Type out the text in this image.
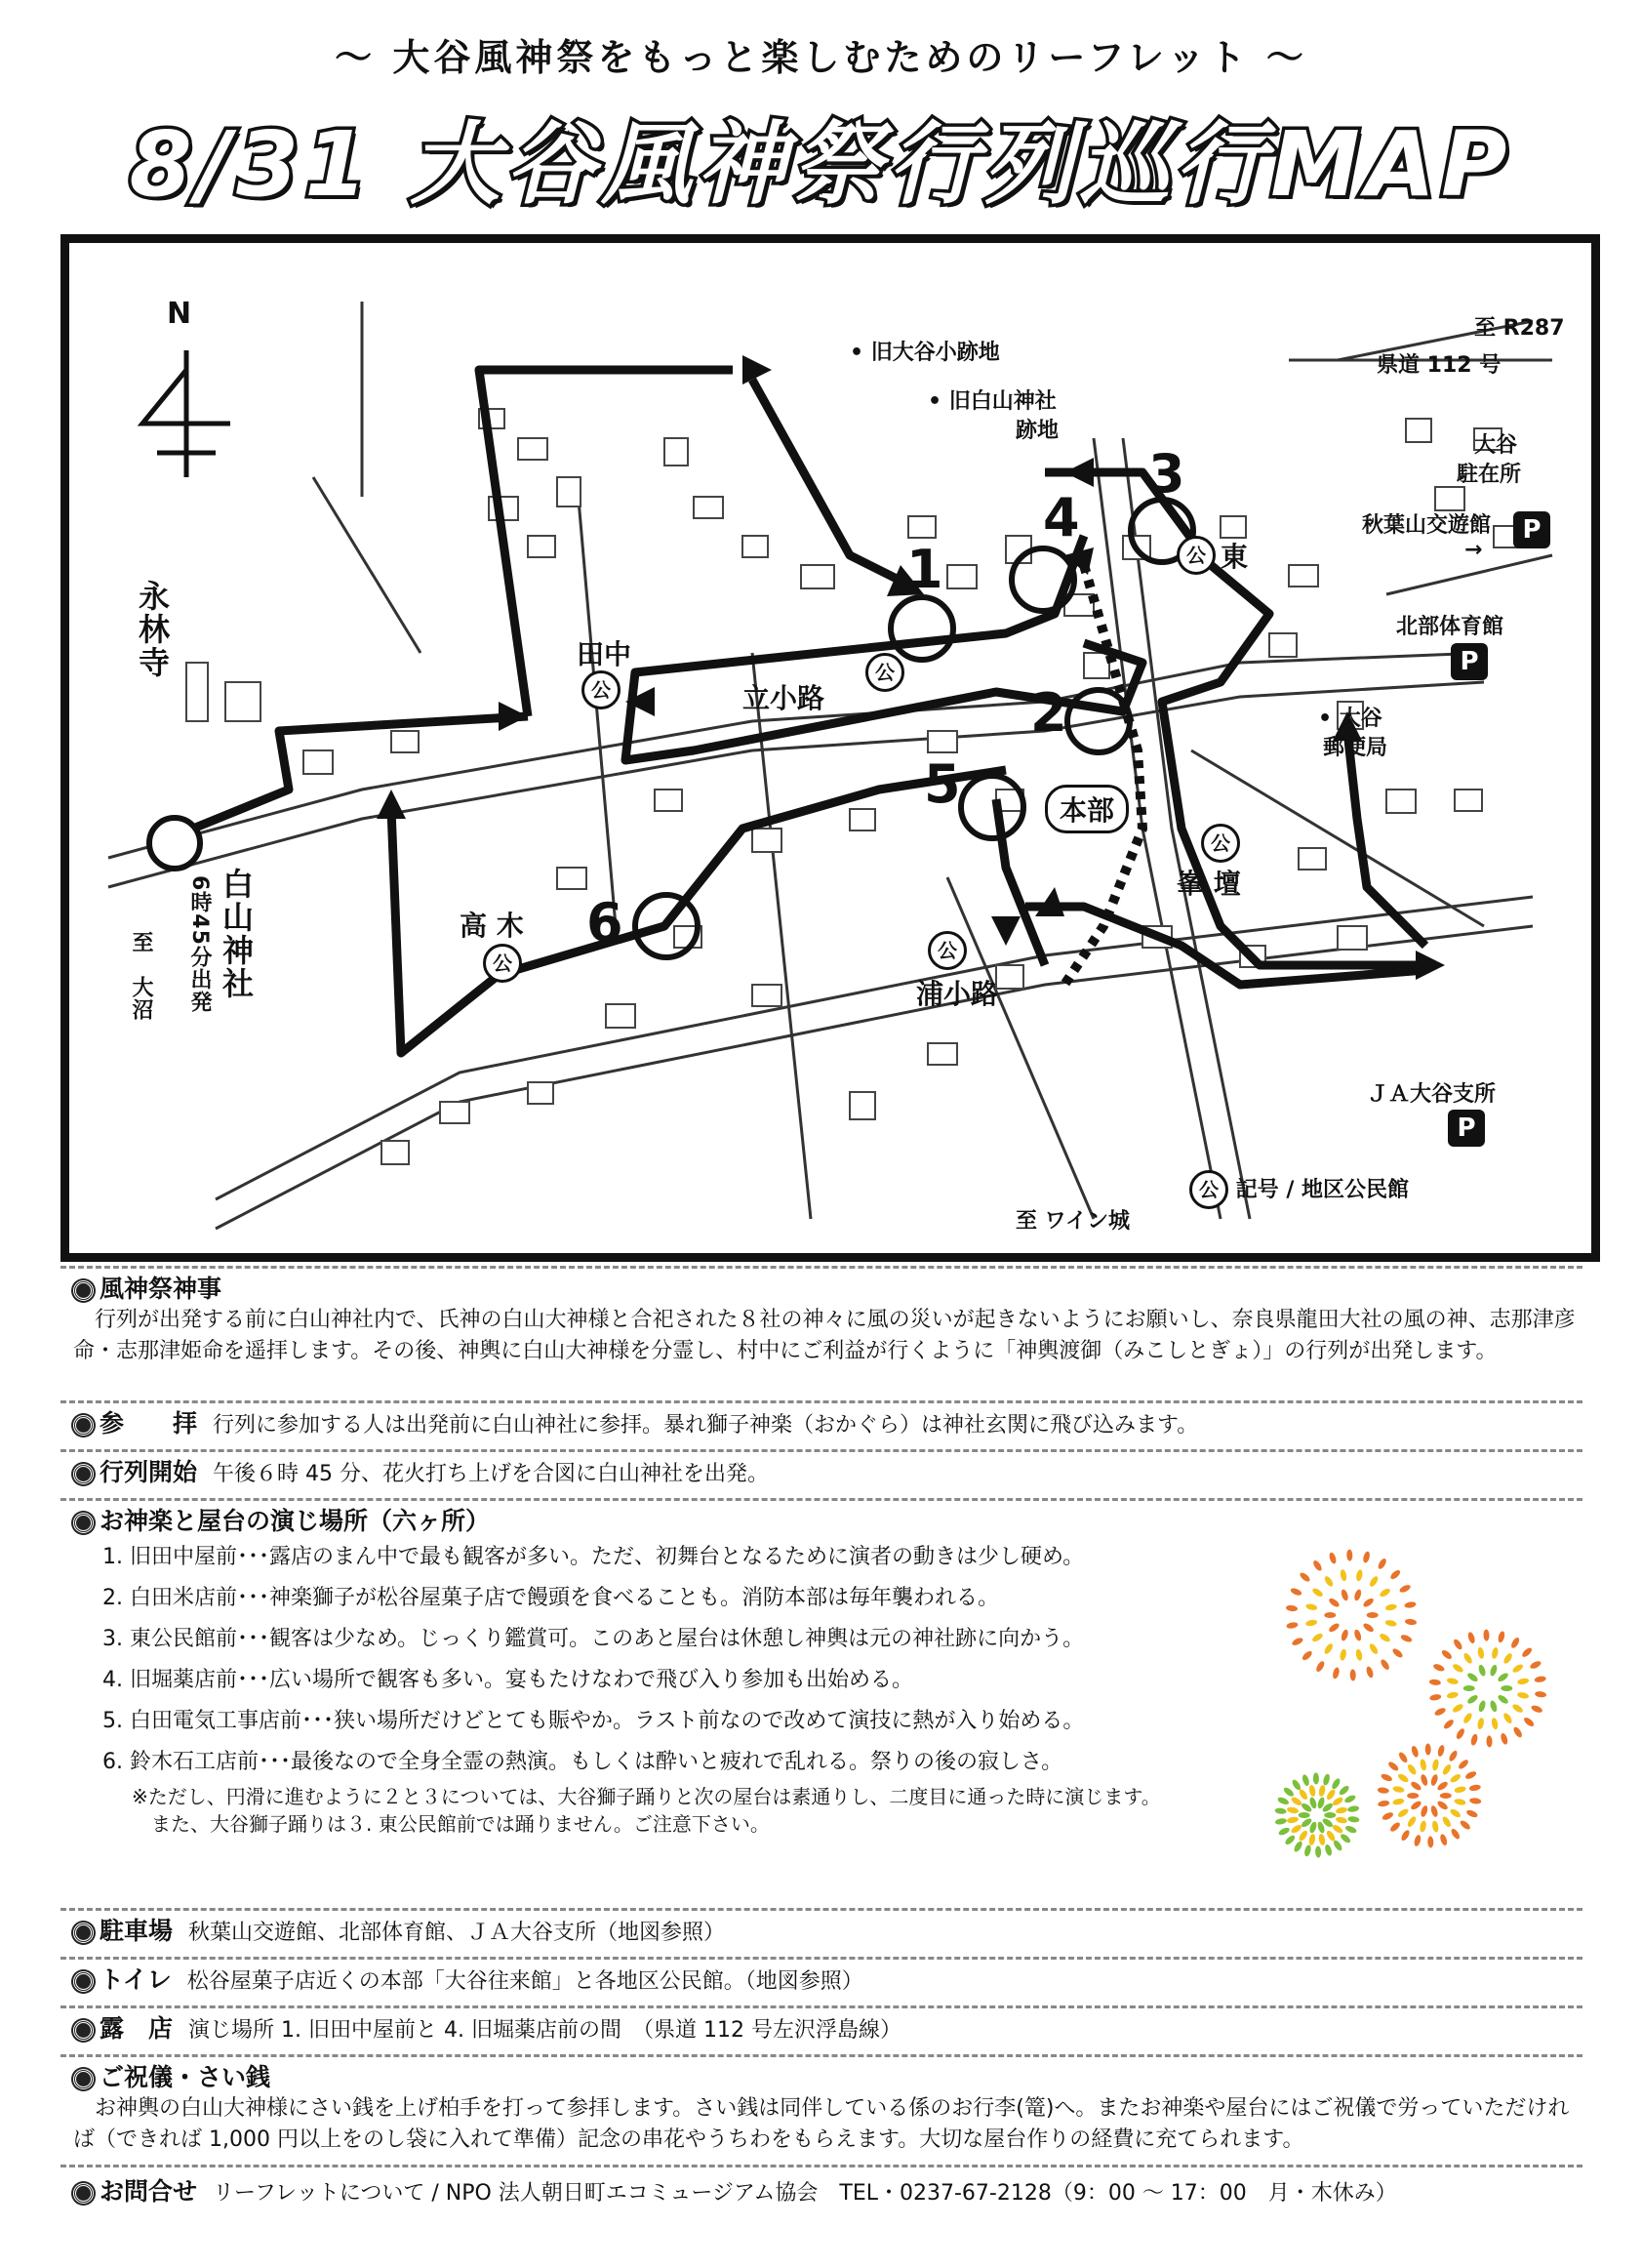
〜 大谷風神祭をもっと楽しむためのリーフレット 〜
8/31 大谷風神祭行列巡行MAP
N	至 R287
県道 112 号
• 旧大谷小跡地
• 旧白山神社
跡地
大谷
駐在所
秋葉山交遊館
→
P
北部体育館
P
• 大谷
郵便局
ＪＡ大谷支所
P
公 記号 / 地区公民館
至 ワイン城
永林寺
白山神社
6時45分出発
至　大沼
田中
公
公
立小路
本部
公 東
公
峯 壇
高 木
公
公
浦小路
1
2
3
4
5
6
風神祭神事
行列が出発する前に白山神社内で、氏神の白山大神様と合祀された８社の神々に風の災いが起きないようにお願いし、奈良県龍田大社の風の神、志那津彦命・志那津姫命を遥拝します。その後、神輿に白山大神様を分霊し、村中にご利益が行くように「神輿渡御（みこしとぎょ）」の行列が出発します。
参　　拝 行列に参加する人は出発前に白山神社に参拝。暴れ獅子神楽（おかぐら）は神社玄関に飛び込みます。
行列開始 午後６時 45 分、花火打ち上げを合図に白山神社を出発。
お神楽と屋台の演じ場所（六ヶ所）
1. 旧田中屋前･･･露店のまん中で最も観客が多い。ただ、初舞台となるために演者の動きは少し硬め。
2. 白田米店前･･･神楽獅子が松谷屋菓子店で饅頭を食べることも。消防本部は毎年襲われる。
3. 東公民館前･･･観客は少なめ。じっくり鑑賞可。このあと屋台は休憩し神輿は元の神社跡に向かう。
4. 旧堀薬店前･･･広い場所で観客も多い。宴もたけなわで飛び入り参加も出始める。
5. 白田電気工事店前･･･狭い場所だけどとても賑やか。ラスト前なので改めて演技に熱が入り始める。
6. 鈴木石工店前･･･最後なので全身全霊の熱演。もしくは酔いと疲れで乱れる。祭りの後の寂しさ。
※ただし、円滑に進むように２と３については、大谷獅子踊りと次の屋台は素通りし、二度目に通った時に演じます。
また、大谷獅子踊りは３. 東公民館前では踊りません。ご注意下さい。
駐車場 秋葉山交遊館、北部体育館、ＪＡ大谷支所（地図参照）
トイレ 松谷屋菓子店近くの本部「大谷往来館」と各地区公民館。（地図参照）
露　店 演じ場所 1. 旧田中屋前と 4. 旧堀薬店前の間　（県道 112 号左沢浮島線）
ご祝儀・さい銭
お神輿の白山大神様にさい銭を上げ柏手を打って参拝します。さい銭は同伴している係のお行李(篭)へ。またお神楽や屋台にはご祝儀で労っていただければ（できれば 1,000 円以上をのし袋に入れて準備）記念の串花やうちわをもらえます。大切な屋台作りの経費に充てられます。
お問合せ リーフレットについて / NPO 法人朝日町エコミュージアム協会　TEL・0237-67-2128（9：00 〜 17：00　月・木休み）
